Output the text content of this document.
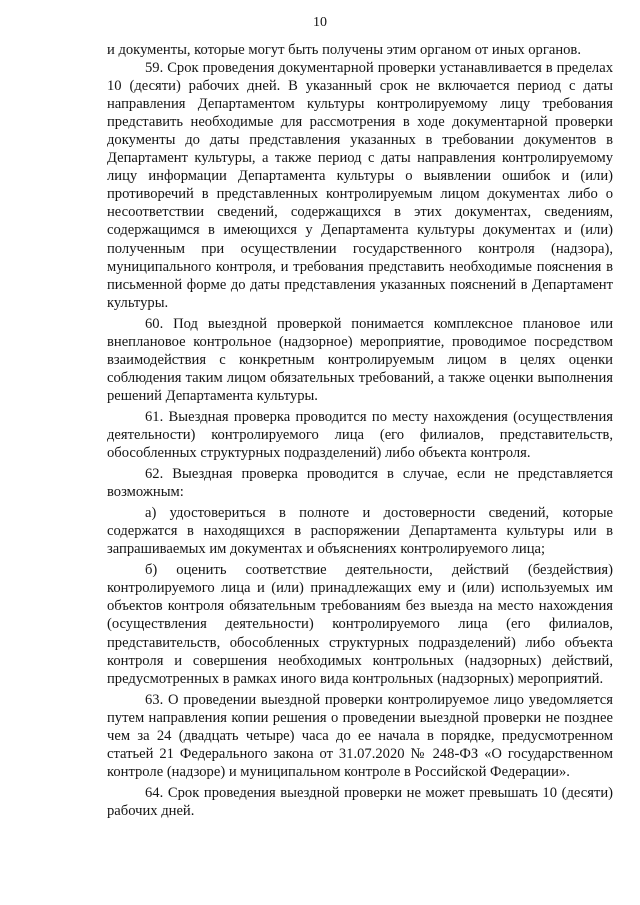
10

и документы, которые могут быть получены этим органом от иных органов.

59. Срок проведения документарной проверки устанавливается в пределах 10 (десяти) рабочих дней. В указанный срок не включается период с даты направления Департаментом культуры контролируемому лицу требования представить необходимые для рассмотрения в ходе документарной проверки документы до даты представления указанных в требовании документов в Департамент культуры, а также период с даты направления контролируемому лицу информации Департамента культуры о выявлении ошибок и (или) противоречий в представленных контролируемым лицом документах либо о несоответствии сведений, содержащихся в этих документах, сведениям, содержащимся в имеющихся у Департамента культуры документах и (или) полученным при осуществлении государственного контроля (надзора), муниципального контроля, и требования представить необходимые пояснения в письменной форме до даты представления указанных пояснений в Департамент культуры.

60. Под выездной проверкой понимается комплексное плановое или внеплановое контрольное (надзорное) мероприятие, проводимое посредством взаимодействия с конкретным контролируемым лицом в целях оценки соблюдения таким лицом обязательных требований, а также оценки выполнения решений Департамента культуры.

61. Выездная проверка проводится по месту нахождения (осуществления деятельности) контролируемого лица (его филиалов, представительств, обособленных структурных подразделений) либо объекта контроля.

62. Выездная проверка проводится в случае, если не представляется возможным:

а) удостовериться в полноте и достоверности сведений, которые содержатся в находящихся в распоряжении Департамента культуры или в запрашиваемых им документах и объяснениях контролируемого лица;

б) оценить соответствие деятельности, действий (бездействия) контролируемого лица и (или) принадлежащих ему и (или) используемых им объектов контроля обязательным требованиям без выезда на место нахождения (осуществления деятельности) контролируемого лица (его филиалов, представительств, обособленных структурных подразделений) либо объекта контроля и совершения необходимых контрольных (надзорных) действий, предусмотренных в рамках иного вида контрольных (надзорных) мероприятий.

63. О проведении выездной проверки контролируемое лицо уведомляется путем направления копии решения о проведении выездной проверки не позднее чем за 24 (двадцать четыре) часа до ее начала в порядке, предусмотренном статьей 21 Федерального закона от 31.07.2020 № 248-ФЗ «О государственном контроле (надзоре) и муниципальном контроле в Российской Федерации».

64. Срок проведения выездной проверки не может превышать 10 (десяти) рабочих дней.
